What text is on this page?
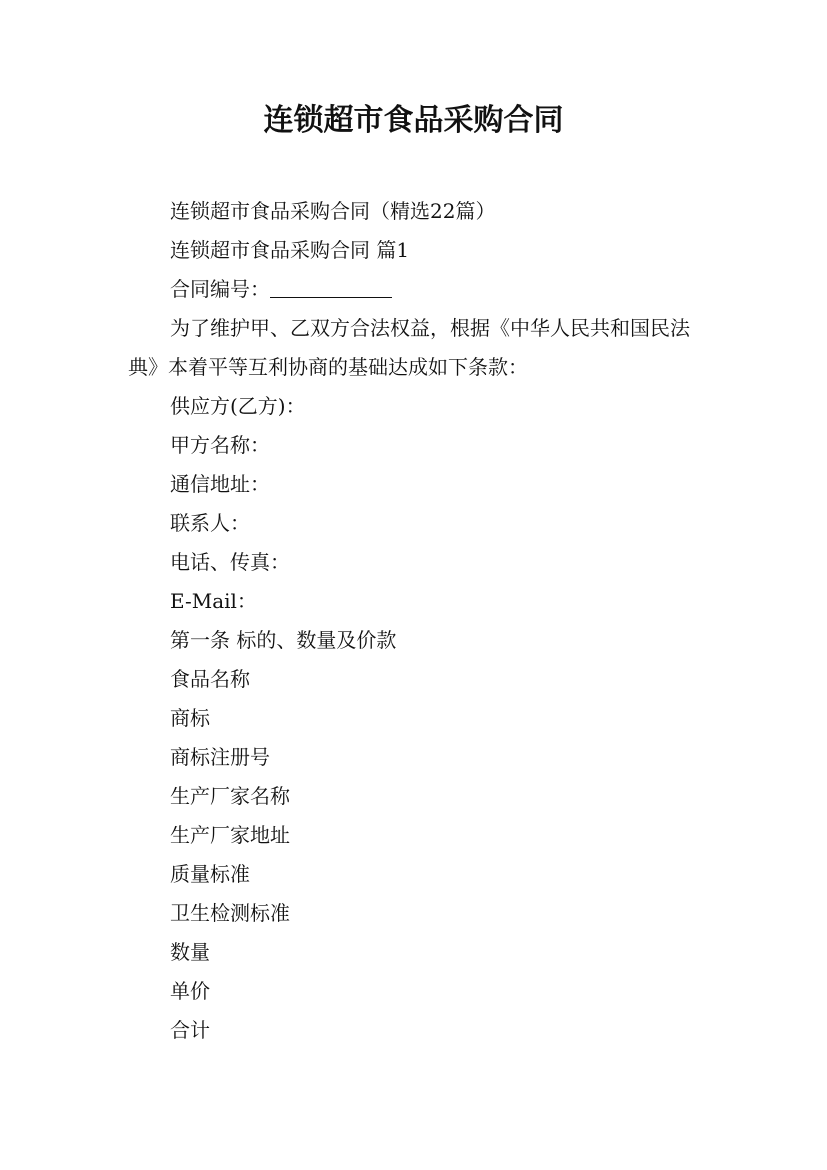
连锁超市食品采购合同

连锁超市食品采购合同（精选22篇）

连锁超市食品采购合同 篇1

合同编号：

为了维护甲、乙双方合法权益，根据《中华人民共和国民法典》本着平等互利协商的基础达成如下条款：

供应方(乙方)：

甲方名称：

通信地址：

联系人：

电话、传真：

E-Mail：

第一条 标的、数量及价款

食品名称

商标

商标注册号

生产厂家名称

生产厂家地址

质量标准

卫生检测标准

数量

单价

合计
